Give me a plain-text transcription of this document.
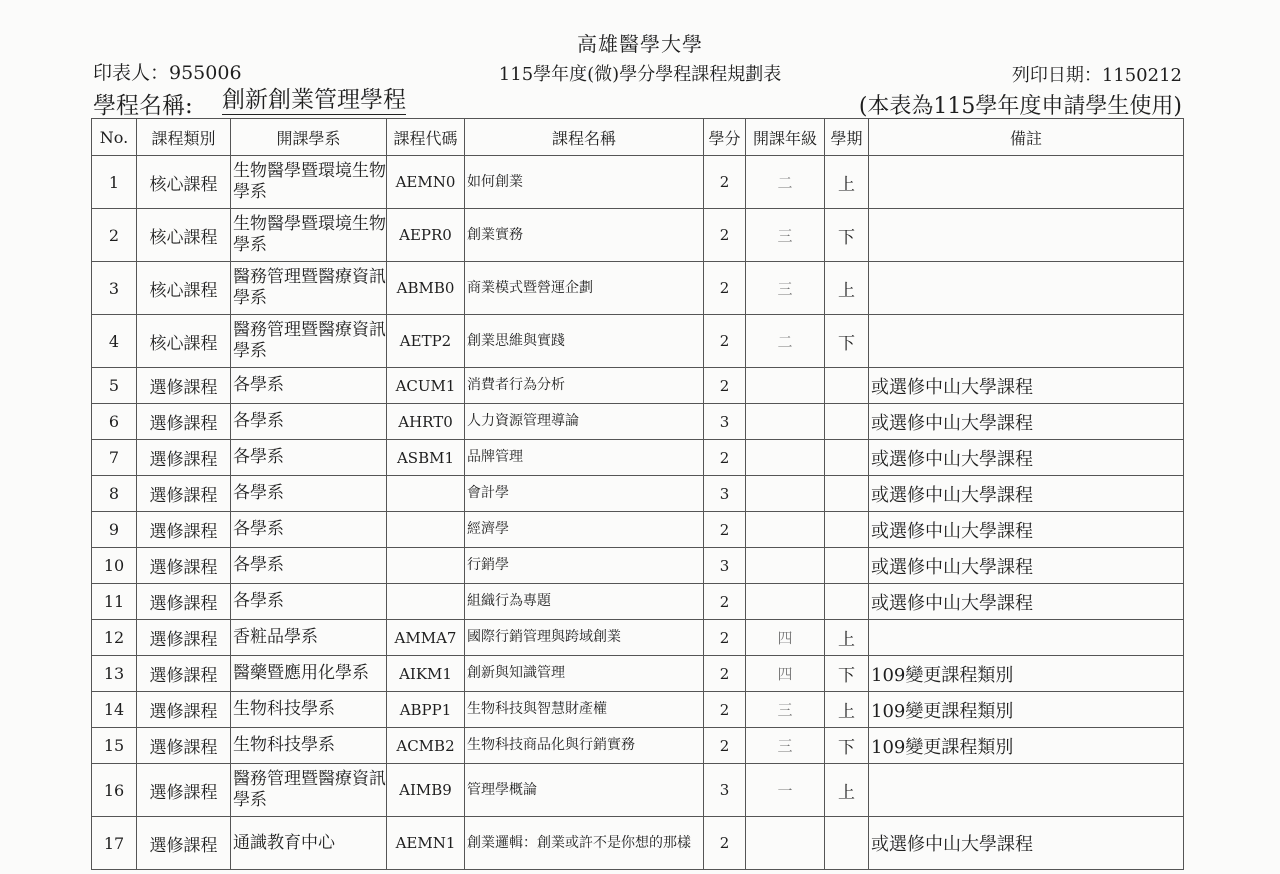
高雄醫學大學
印表人：955006	115學年度(微)學分學程課程規劃表	列印日期：1150212
學程名稱: 創新創業管理學程	(本表為115學年度申請學生使用)
No.	課程類別	開課學系	課程代碼	課程名稱	學分	開課年級	學期	備註
1	核心課程	生物醫學暨環境生物學系	AEMN0	如何創業	2	二	上	
2	核心課程	生物醫學暨環境生物學系	AEPR0	創業實務	2	三	下	
3	核心課程	醫務管理暨醫療資訊學系	ABMB0	商業模式暨營運企劃	2	三	上	
4	核心課程	醫務管理暨醫療資訊學系	AETP2	創業思維與實踐	2	二	下	
5	選修課程	各學系	ACUM1	消費者行為分析	2			或選修中山大學課程
6	選修課程	各學系	AHRT0	人力資源管理導論	3			或選修中山大學課程
7	選修課程	各學系	ASBM1	品牌管理	2			或選修中山大學課程
8	選修課程	各學系		會計學	3			或選修中山大學課程
9	選修課程	各學系		經濟學	2			或選修中山大學課程
10	選修課程	各學系		行銷學	3			或選修中山大學課程
11	選修課程	各學系		組織行為專題	2			或選修中山大學課程
12	選修課程	香粧品學系	AMMA7	國際行銷管理與跨域創業	2	四	上	
13	選修課程	醫藥暨應用化學系	AIKM1	創新與知識管理	2	四	下	109變更課程類別
14	選修課程	生物科技學系	ABPP1	生物科技與智慧財產權	2	三	上	109變更課程類別
15	選修課程	生物科技學系	ACMB2	生物科技商品化與行銷實務	2	三	下	109變更課程類別
16	選修課程	醫務管理暨醫療資訊學系	AIMB9	管理學概論	3	一	上	
17	選修課程	通識教育中心	AEMN1	創業邏輯：創業或許不是你想的那樣	2			或選修中山大學課程
